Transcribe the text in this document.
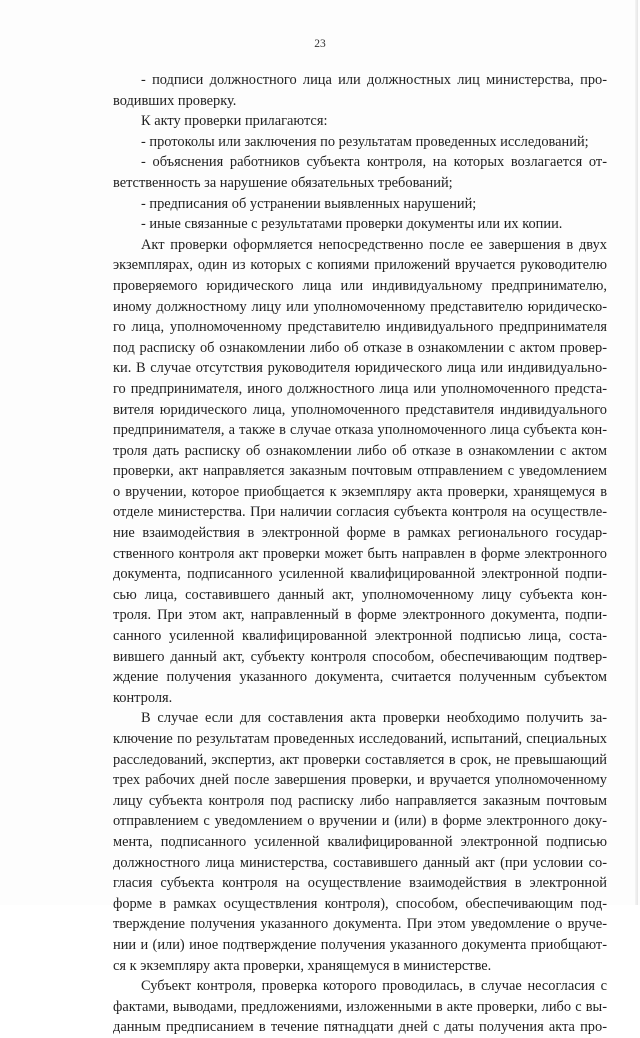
23
- подписи должностного лица или должностных лиц министерства, про-
водивших проверку.
К акту проверки прилагаются:
- протоколы или заключения по результатам проведенных исследований;
- объяснения работников субъекта контроля, на которых возлагается от-
ветственность за нарушение обязательных требований;
- предписания об устранении выявленных нарушений;
- иные связанные с результатами проверки документы или их копии.
Акт проверки оформляется непосредственно после ее завершения в двух
экземплярах, один из которых с копиями приложений вручается руководителю
проверяемого юридического лица или индивидуальному предпринимателю,
иному должностному лицу или уполномоченному представителю юридическо-
го лица, уполномоченному представителю индивидуального предпринимателя
под расписку об ознакомлении либо об отказе в ознакомлении с актом провер-
ки. В случае отсутствия руководителя юридического лица или индивидуально-
го предпринимателя, иного должностного лица или уполномоченного предста-
вителя юридического лица, уполномоченного представителя индивидуального
предпринимателя, а также в случае отказа уполномоченного лица субъекта кон-
троля дать расписку об ознакомлении либо об отказе в ознакомлении с актом
проверки, акт направляется заказным почтовым отправлением с уведомлением
о вручении, которое приобщается к экземпляру акта проверки, хранящемуся в
отделе министерства. При наличии согласия субъекта контроля на осуществле-
ние взаимодействия в электронной форме в рамках регионального государ-
ственного контроля акт проверки может быть направлен в форме электронного
документа, подписанного усиленной квалифицированной электронной подпи-
сью лица, составившего данный акт, уполномоченному лицу субъекта кон-
троля. При этом акт, направленный в форме электронного документа, подпи-
санного усиленной квалифицированной электронной подписью лица, соста-
вившего данный акт, субъекту контроля способом, обеспечивающим подтвер-
ждение получения указанного документа, считается полученным субъектом
контроля.
В случае если для составления акта проверки необходимо получить за-
ключение по результатам проведенных исследований, испытаний, специальных
расследований, экспертиз, акт проверки составляется в срок, не превышающий
трех рабочих дней после завершения проверки, и вручается уполномоченному
лицу субъекта контроля под расписку либо направляется заказным почтовым
отправлением с уведомлением о вручении и (или) в форме электронного доку-
мента, подписанного усиленной квалифицированной электронной подписью
должностного лица министерства, составившего данный акт (при условии со-
гласия субъекта контроля на осуществление взаимодействия в электронной
форме в рамках осуществления контроля), способом, обеспечивающим под-
тверждение получения указанного документа. При этом уведомление о вруче-
нии и (или) иное подтверждение получения указанного документа приобщают-
ся к экземпляру акта проверки, хранящемуся в министерстве.
Субъект контроля, проверка которого проводилась, в случае несогласия с
фактами, выводами, предложениями, изложенными в акте проверки, либо с вы-
данным предписанием в течение пятнадцати дней с даты получения акта про-
